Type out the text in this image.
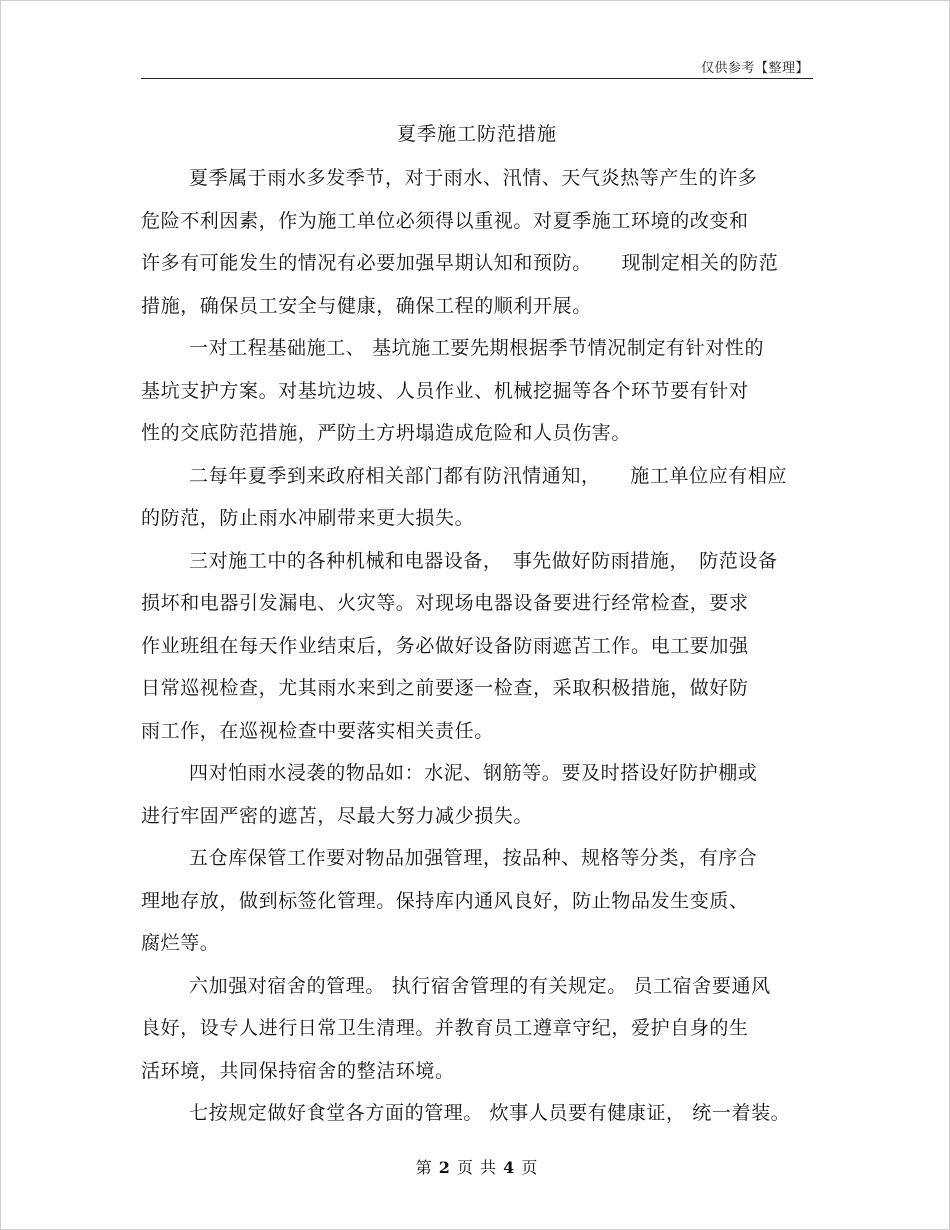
仅供参考【整理】
夏季施工防范措施
夏季属于雨水多发季节，对于雨水、汛情、天气炎热等产生的许多
危险不利因素，作为施工单位必须得以重视。对夏季施工环境的改变和
许多有可能发生的情况有必要加强早期认知和预防。　　现制定相关的防范
措施，确保员工安全与健康，确保工程的顺利开展。
一对工程基础施工、 基坑施工要先期根据季节情况制定有针对性的
基坑支护方案。对基坑边坡、人员作业、机械挖掘等各个环节要有针对
性的交底防范措施，严防土方坍塌造成危险和人员伤害。
二每年夏季到来政府相关部门都有防汛情通知，　　施工单位应有相应
的防范，防止雨水冲刷带来更大损失。
三对施工中的各种机械和电器设备，　事先做好防雨措施，　防范设备
损坏和电器引发漏电、火灾等。对现场电器设备要进行经常检查，要求
作业班组在每天作业结束后，务必做好设备防雨遮苫工作。电工要加强
日常巡视检查，尤其雨水来到之前要逐一检查，采取积极措施，做好防
雨工作，在巡视检查中要落实相关责任。
四对怕雨水浸袭的物品如：水泥、钢筋等。要及时搭设好防护棚或
进行牢固严密的遮苫，尽最大努力减少损失。
五仓库保管工作要对物品加强管理，按品种、规格等分类，有序合
理地存放，做到标签化管理。保持库内通风良好，防止物品发生变质、
腐烂等。
六加强对宿舍的管理。 执行宿舍管理的有关规定。 员工宿舍要通风
良好，设专人进行日常卫生清理。并教育员工遵章守纪，爱护自身的生
活环境，共同保持宿舍的整洁环境。
七按规定做好食堂各方面的管理。 炊事人员要有健康证， 统一着装。
第 2 页 共 4 页
